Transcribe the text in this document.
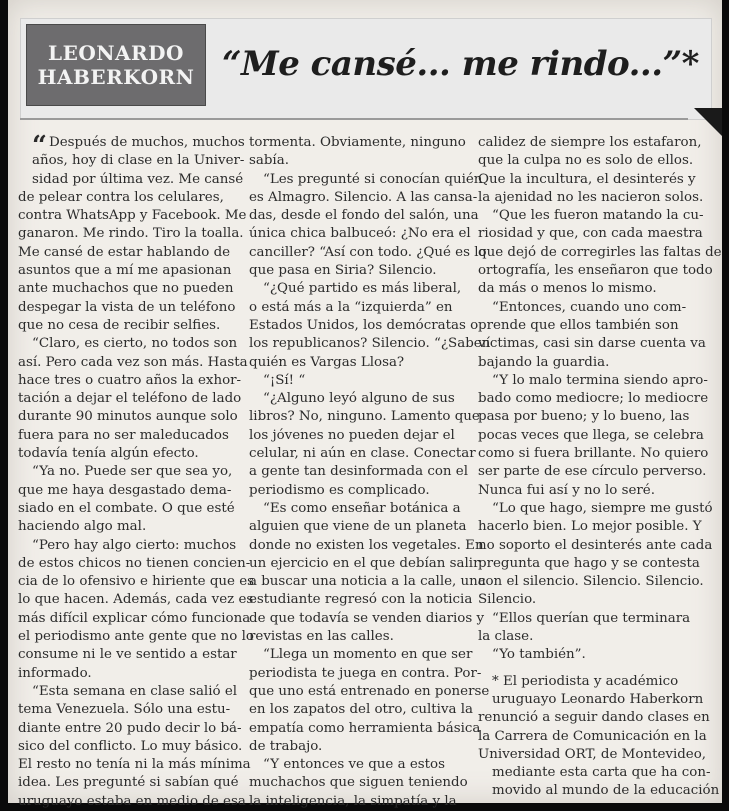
LEONARDO
HABERKORN “Me cansé... me rindo...”*

“ Después de muchos, muchos

años, hoy di clase en la Univer-

sidad por última vez. Me cansé

de pelear contra los celulares,

contra WhatsApp y Facebook. Me

ganaron. Me rindo. Tiro la toalla.

Me cansé de estar hablando de

asuntos que a mí me apasionan

ante muchachos que no pueden

despegar la vista de un teléfono

que no cesa de recibir selfies.

“Claro, es cierto, no todos son

así. Pero cada vez son más. Hasta

hace tres o cuatro años la exhor-

tación a dejar el teléfono de lado

durante 90 minutos aunque solo

fuera para no ser maleducados

todavía tenía algún efecto.

“Ya no. Puede ser que sea yo,

que me haya desgastado dema-

siado en el combate. O que esté

haciendo algo mal.

“Pero hay algo cierto: muchos

de estos chicos no tienen concien-

cia de lo ofensivo e hiriente que es

lo que hacen. Además, cada vez es

más difícil explicar cómo funciona

el periodismo ante gente que no lo

consume ni le ve sentido a estar

informado.

“Esta semana en clase salió el

tema Venezuela. Sólo una estu-

diante entre 20 pudo decir lo bá-

sico del conflicto. Lo muy básico.

El resto no tenía ni la más mínima

idea. Les pregunté si sabían qué

uruguayo estaba en medio de esa

tormenta. Obviamente, ninguno

sabía.

“Les pregunté si conocían quién

es Almagro. Silencio. A las cansa-

das, desde el fondo del salón, una

única chica balbuceó: ¿No era el

canciller? “Así con todo. ¿Qué es lo

que pasa en Siria? Silencio.

“¿Qué partido es más liberal,

o está más a la “izquierda” en

Estados Unidos, los demócratas o

los republicanos? Silencio. “¿Saben

quién es Vargas Llosa?

“¡Sí! “

“¿Alguno leyó alguno de sus

libros? No, ninguno. Lamento que

los jóvenes no pueden dejar el

celular, ni aún en clase. Conectar

a gente tan desinformada con el

periodismo es complicado.

“Es como enseñar botánica a

alguien que viene de un planeta

donde no existen los vegetales. En

un ejercicio en el que debían salir

a buscar una noticia a la calle, una

estudiante regresó con la noticia

de que todavía se venden diarios y

revistas en las calles.

“Llega un momento en que ser

periodista te juega en contra. Por-

que uno está entrenado en ponerse

en los zapatos del otro, cultiva la

empatía como herramienta básica

de trabajo.

“Y entonces ve que a estos

muchachos que siguen teniendo

la inteligencia, la simpatía y la

calidez de siempre los estafaron,

que la culpa no es solo de ellos.

Que la incultura, el desinterés y

la ajenidad no les nacieron solos.

“Que les fueron matando la cu-

riosidad y que, con cada maestra

que dejó de corregirles las faltas de

ortografía, les enseñaron que todo

da más o menos lo mismo.

“Entonces, cuando uno com-

prende que ellos también son

víctimas, casi sin darse cuenta va

bajando la guardia.

“Y lo malo termina siendo apro-

bado como mediocre; lo mediocre

pasa por bueno; y lo bueno, las

pocas veces que llega, se celebra

como si fuera brillante. No quiero

ser parte de ese círculo perverso.

Nunca fui así y no lo seré.

“Lo que hago, siempre me gustó

hacerlo bien. Lo mejor posible. Y

no soporto el desinterés ante cada

pregunta que hago y se contesta

con el silencio. Silencio. Silencio.

Silencio.

“Ellos querían que terminara

la clase.

“Yo también”.

* El periodista y académico

uruguayo Leonardo Haberkorn

renunció a seguir dando clases en

la Carrera de Comunicación en la

Universidad ORT, de Montevideo,

mediante esta carta que ha con-

movido al mundo de la educación
